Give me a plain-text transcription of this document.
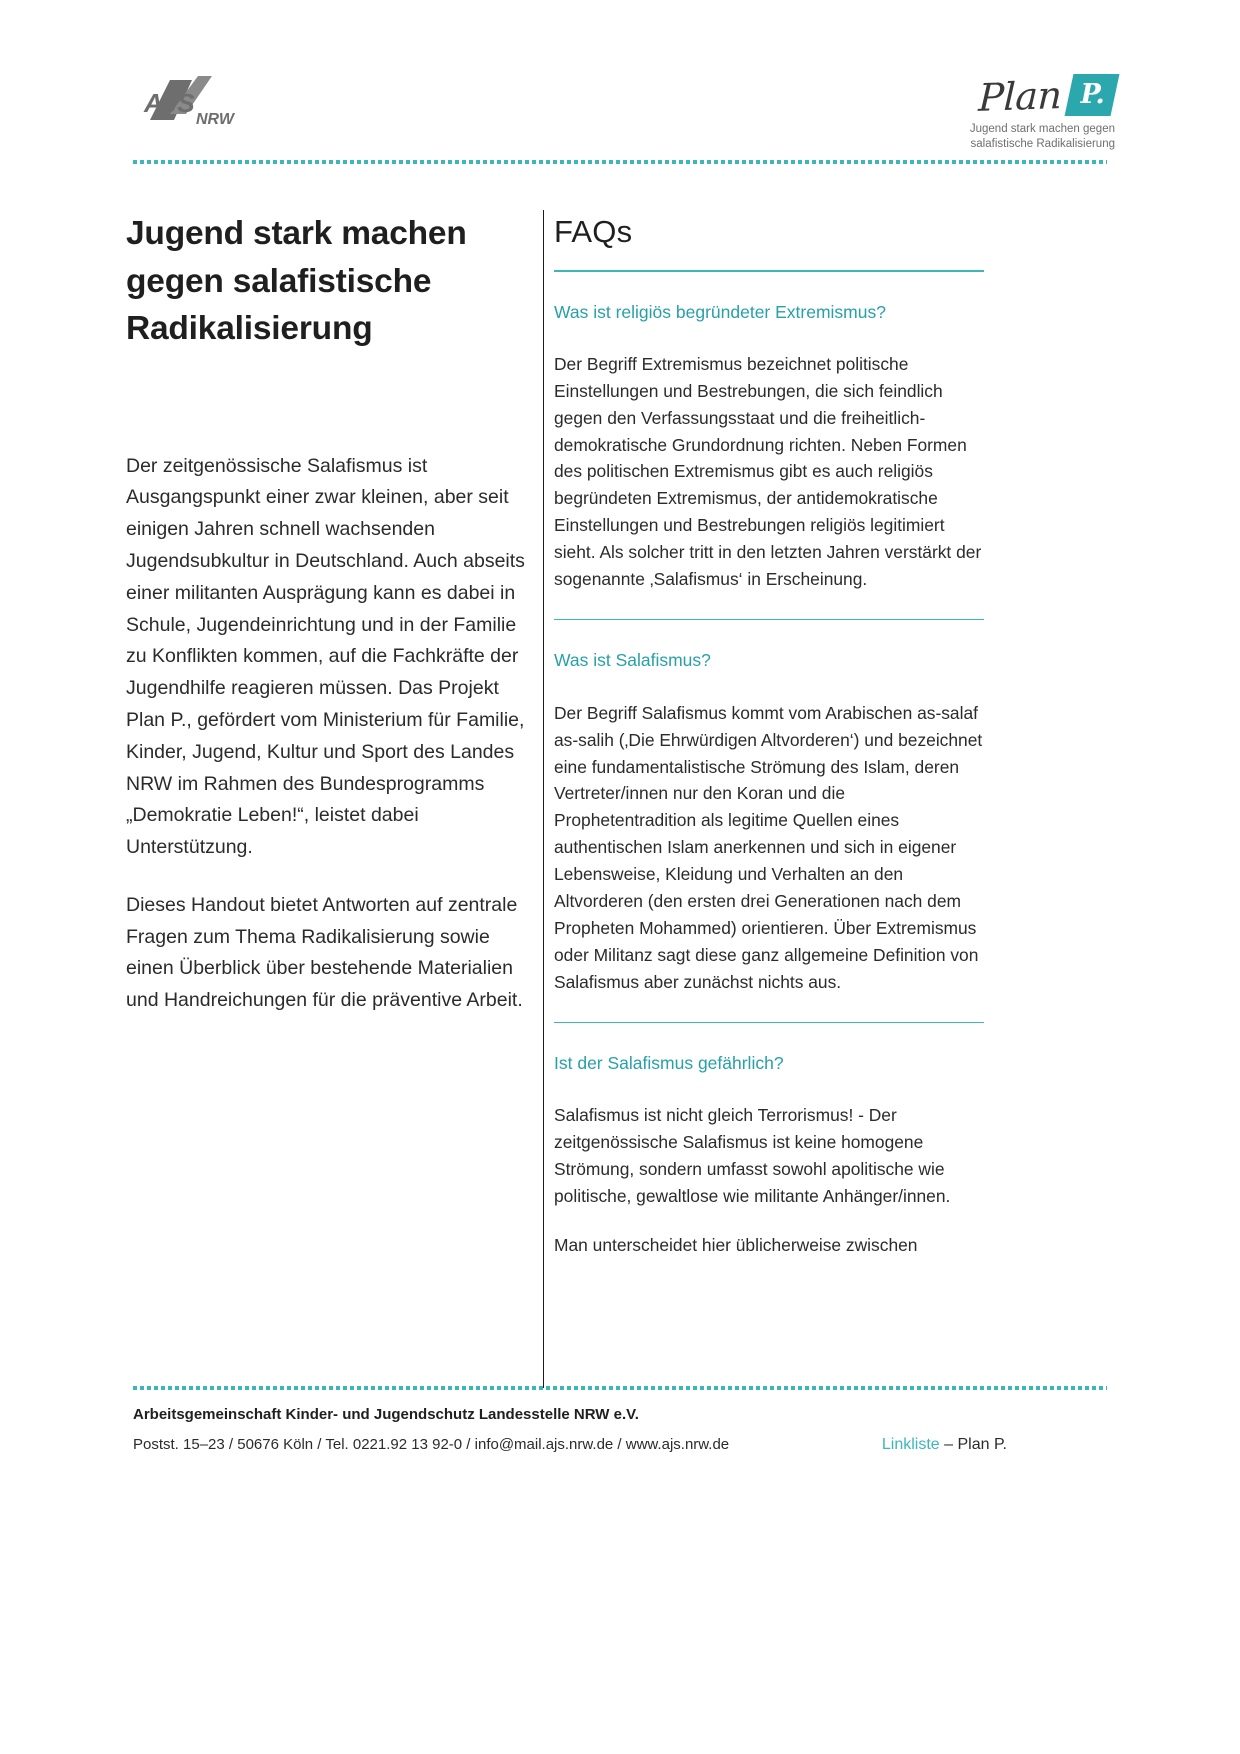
AJS
NRW	Plan P.
Jugend stark machen gegen
salafistische Radikalisierung
Jugend stark machen gegen salafistische Radikalisierung

Der zeitgenössische Salafismus ist Ausgangspunkt einer zwar kleinen, aber seit einigen Jahren schnell wachsenden Jugendsubkultur in Deutschland. Auch abseits einer militanten Ausprägung kann es dabei in Schule, Jugendeinrichtung und in der Familie zu Konflikten kommen, auf die Fachkräfte der Jugendhilfe reagieren müssen. Das Projekt Plan P., gefördert vom Ministerium für Familie, Kinder, Jugend, Kultur und Sport des Landes NRW im Rahmen des Bundesprogramms „Demokratie Leben!“, leistet dabei Unterstützung.

Dieses Handout bietet Antworten auf zentrale Fragen zum Thema Radikalisierung sowie einen Überblick über bestehende Materialien und Handreichungen für die präventive Arbeit.

FAQs

Was ist religiös begründeter Extremismus?

Der Begriff Extremismus bezeichnet politische Einstellungen und Bestrebungen, die sich feindlich gegen den Verfassungsstaat und die freiheitlich-demokratische Grundordnung richten. Neben Formen des politischen Extremismus gibt es auch religiös begründeten Extremismus, der antidemokratische Einstellungen und Bestrebungen religiös legitimiert sieht. Als solcher tritt in den letzten Jahren verstärkt der sogenannte ‚Salafismus‘ in Erscheinung.

Was ist Salafismus?

Der Begriff Salafismus kommt vom Arabischen as-salaf as-salih (‚Die Ehrwürdigen Altvorderen‘) und bezeichnet eine fundamentalistische Strömung des Islam, deren Vertreter/innen nur den Koran und die Prophetentradition als legitime Quellen eines authentischen Islam anerkennen und sich in eigener Lebensweise, Kleidung und Verhalten an den Altvorderen (den ersten drei Generationen nach dem Propheten Mohammed) orientieren. Über Extremismus oder Militanz sagt diese ganz allgemeine Definition von Salafismus aber zunächst nichts aus.

Ist der Salafismus gefährlich?

Salafismus ist nicht gleich Terrorismus! - Der zeitgenössische Salafismus ist keine homogene Strömung, sondern umfasst sowohl apolitische wie politische, gewaltlose wie militante Anhänger/innen.

Man unterscheidet hier üblicherweise zwischen

Arbeitsgemeinschaft Kinder- und Jugendschutz Landesstelle NRW e.V.

Postst. 15–23 / 50676 Köln / Tel. 0221.92 13 92-0 / info@mail.ajs.nrw.de / www.ajs.nrw.de	Linkliste – Plan P.
